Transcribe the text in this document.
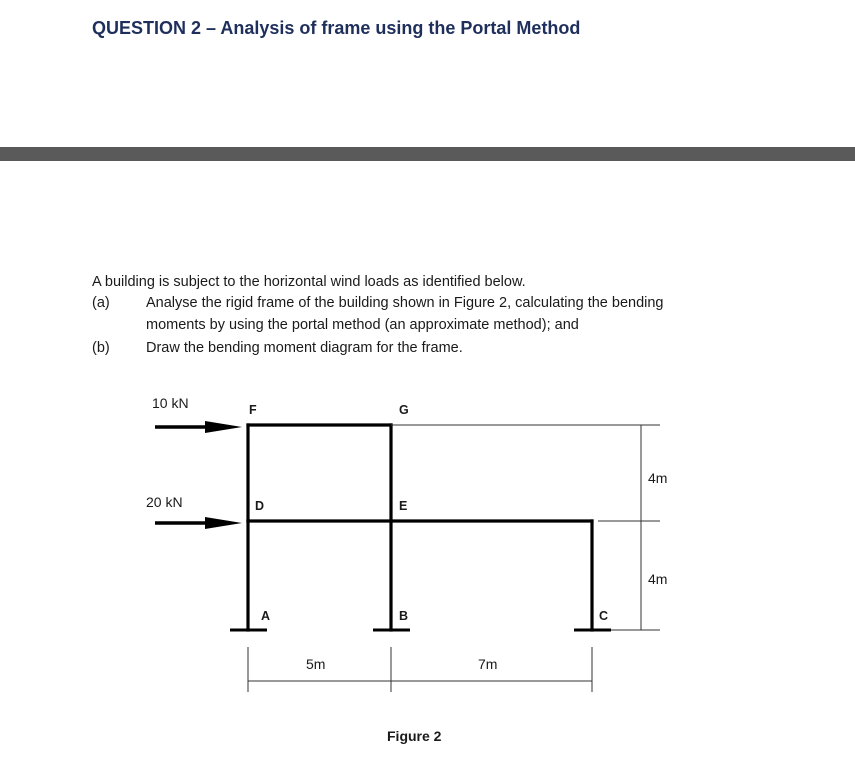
QUESTION 2 – Analysis of frame using the Portal Method
A building is subject to the horizontal wind loads as identified below.
(a)	Analyse the rigid frame of the building shown in Figure 2, calculating the bending
moments by using the portal method (an approximate method); and
(b)	Draw the bending moment diagram for the frame.
10 kN
20 kN
F	G
D	E
A	B	C
4m
4m
5m	7m
Figure 2
